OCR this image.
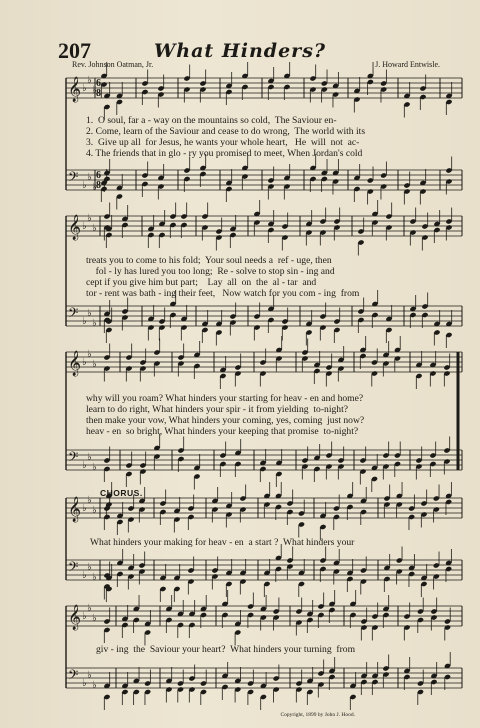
207	What Hinders?
Rev. Johnson Oatman, Jr.	J. Howard Entwisle.
𝄞 ♭
♭
♭
𝄢 ♭
♭
♭
𝄞 ♭
♭
♭
𝄢 ♭
♭
♭
𝄞 ♭
♭
♭
𝄢 ♭
♭
♭
𝄞 ♭
♭
♭
𝄢 ♭
♭
♭
𝄞 ♭
♭
♭
𝄢 ♭
♭
♭
6
8
6
8
1.  O soul, far a - way on the mountains so cold,  The Saviour en-
2. Come, learn of the Saviour and cease to do wrong,  The world with its
3.  Give up all  for Jesus, he wants your whole heart,   He  will  not  ac-
4. The friends that in glo - ry you promised to meet, When Jordan's cold
treats you to come to his fold;  Your soul needs a  ref - uge, then
fol - ly has lured you too long;  Re - solve to stop sin - ing and
cept if you give him but part;    Lay  all  on  the  al - tar  and
tor - rent was bath - ing their feet,   Now watch for you com - ing  from
why will you roam? What hinders your starting for heav - en and home?
learn to do right, What hinders your spir - it from yielding  to-night?
then make your vow, What hinders your coming, yes, coming  just now?
heav - en  so bright, What hinders your keeping that promise  to-night?
CHORUS.
What hinders your making for heav - en  a start ?  What hinders your
giv - ing  the  Saviour your heart?  What hinders your turning  from
Copyright, 1899 by John J. Hood.
